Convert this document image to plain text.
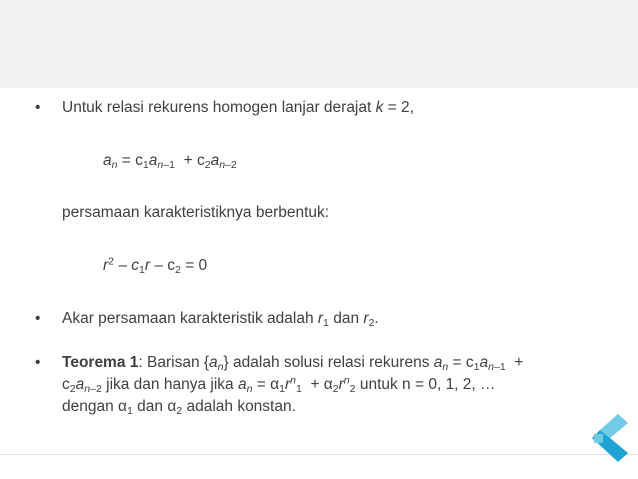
• Untuk relasi rekurens homogen lanjar derajat k = 2,
$a_n = c_1a_{n-1} + c_2a_{n-2}$
persamaan karakteristiknya berbentuk:
$r^2 - c_1r - c_2 = 0$
• Akar persamaan karakteristik adalah $r_1$ dan $r_2$.
• Teorema 1: Barisan $\{a_n\}$ adalah solusi relasi rekurens $a_n = c_1a_{n-1}$  +
$c_2a_{n-2}$ jika dan hanya jika $a_n = \alpha_1r^n_1 + \alpha_2r^n_2$ untuk n = 0, 1, 2, …
dengan $\alpha_1$ dan $\alpha_2$ adalah konstan.
